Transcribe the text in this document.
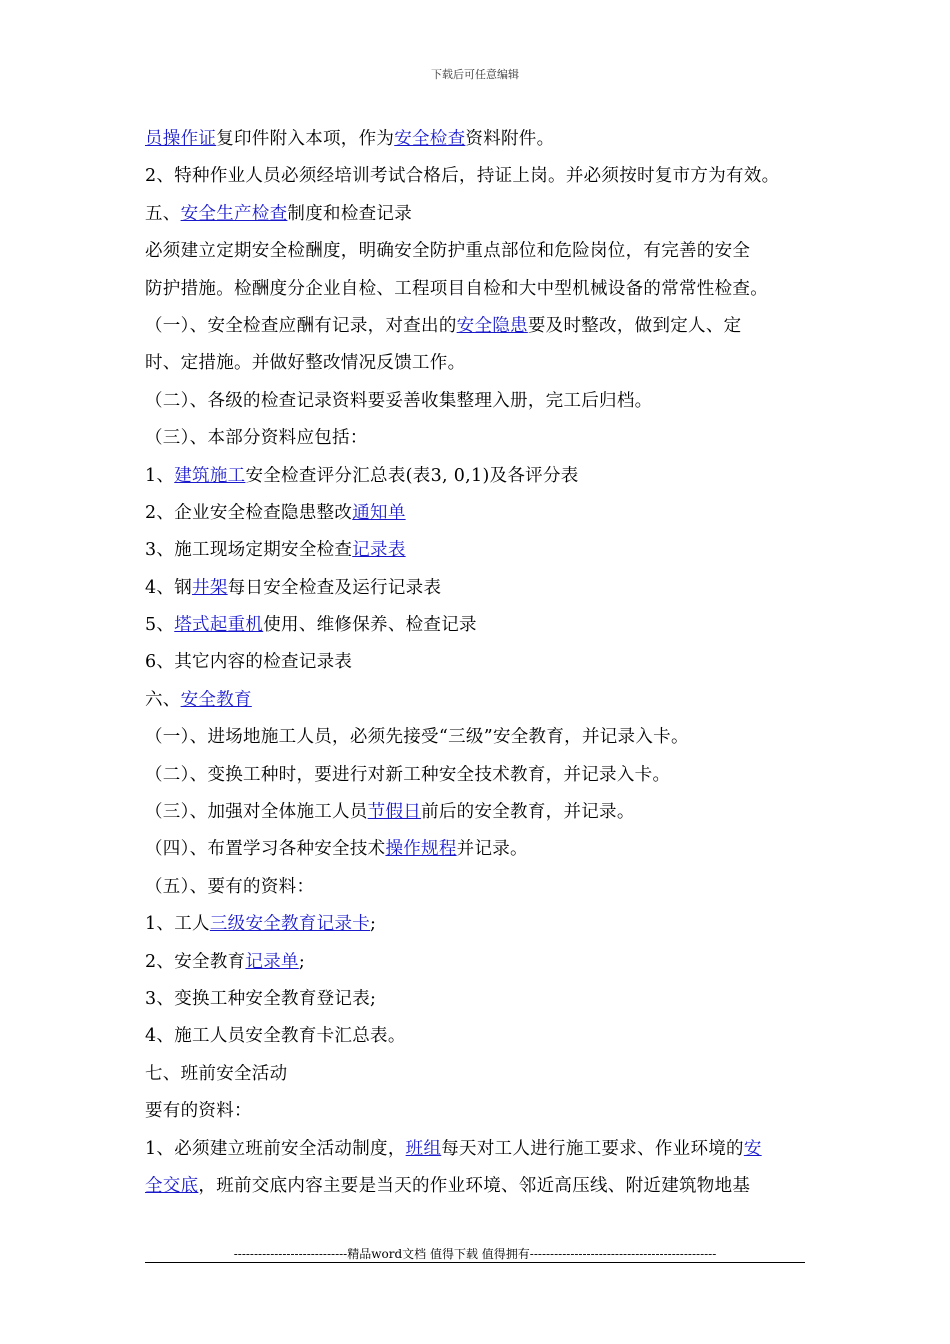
下载后可任意编辑
员操作证复印件附入本项，作为安全检查资料附件。
2、特种作业人员必须经培训考试合格后，持证上岗。并必须按时复市方为有效。
五、安全生产检查制度和检查记录
必须建立定期安全检酬度，明确安全防护重点部位和危险岗位，有完善的安全
防护措施。检酬度分企业自检、工程项目自检和大中型机械设备的常常性检查。
（一）、安全检查应酬有记录，对查出的安全隐患要及时整改，做到定人、定
时、定措施。并做好整改情况反馈工作。
（二）、各级的检查记录资料要妥善收集整理入册，完工后归档。
（三）、本部分资料应包括：
1、建筑施工安全检查评分汇总表(表3, 0,1)及各评分表
2、企业安全检查隐患整改通知单
3、施工现场定期安全检查记录表
4、钢井架每日安全检查及运行记录表
5、塔式起重机使用、维修保养、检查记录
6、其它内容的检查记录表
六、安全教育
（一）、进场地施工人员，必须先接受“三级”安全教育，并记录入卡。
（二）、变换工种时，要进行对新工种安全技术教育，并记录入卡。
（三）、加强对全体施工人员节假日前后的安全教育，并记录。
（四）、布置学习各种安全技术操作规程并记录。
（五）、要有的资料：
1、工人三级安全教育记录卡;
2、安全教育记录单;
3、变换工种安全教育登记表;
4、施工人员安全教育卡汇总表。
七、班前安全活动
要有的资料：
1、必须建立班前安全活动制度，班组每天对工人进行施工要求、作业环境的安
全交底，班前交底内容主要是当天的作业环境、邻近高压线、附近建筑物地基
----------------------------精品word文档 值得下载 值得拥有----------------------------------------------
